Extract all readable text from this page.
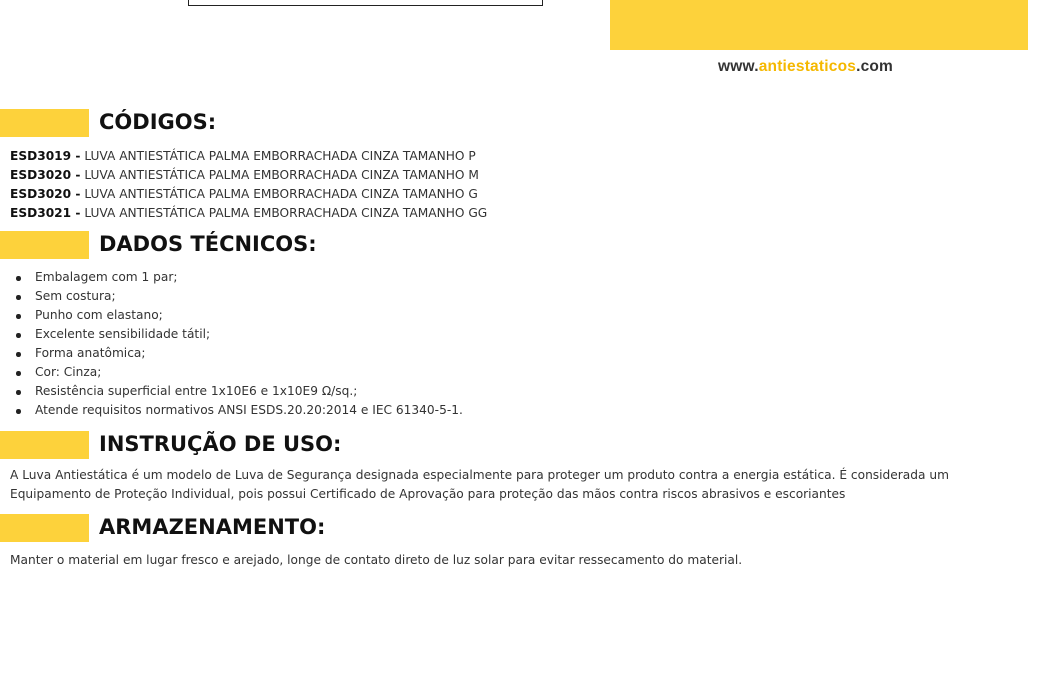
www.antiestaticos.com
CÓDIGOS:
ESD3019 - LUVA ANTIESTÁTICA PALMA EMBORRACHADA CINZA TAMANHO P
ESD3020 - LUVA ANTIESTÁTICA PALMA EMBORRACHADA CINZA TAMANHO M
ESD3020 - LUVA ANTIESTÁTICA PALMA EMBORRACHADA CINZA TAMANHO G
ESD3021 - LUVA ANTIESTÁTICA PALMA EMBORRACHADA CINZA TAMANHO GG
DADOS TÉCNICOS:
Embalagem com 1 par;
Sem costura;
Punho com elastano;
Excelente sensibilidade tátil;
Forma anatômica;
Cor: Cinza;
Resistência superficial entre 1x10E6 e 1x10E9 Ω/sq.;
Atende requisitos normativos ANSI ESDS.20.20:2014 e IEC 61340-5-1.
INSTRUÇÃO DE USO:
A Luva Antiestática é um modelo de Luva de Segurança designada especialmente para proteger um produto contra a energia estática. É considerada um
Equipamento de Proteção Individual, pois possui Certificado de Aprovação para proteção das mãos contra riscos abrasivos e escoriantes
ARMAZENAMENTO:
Manter o material em lugar fresco e arejado, longe de contato direto de luz solar para evitar ressecamento do material.
